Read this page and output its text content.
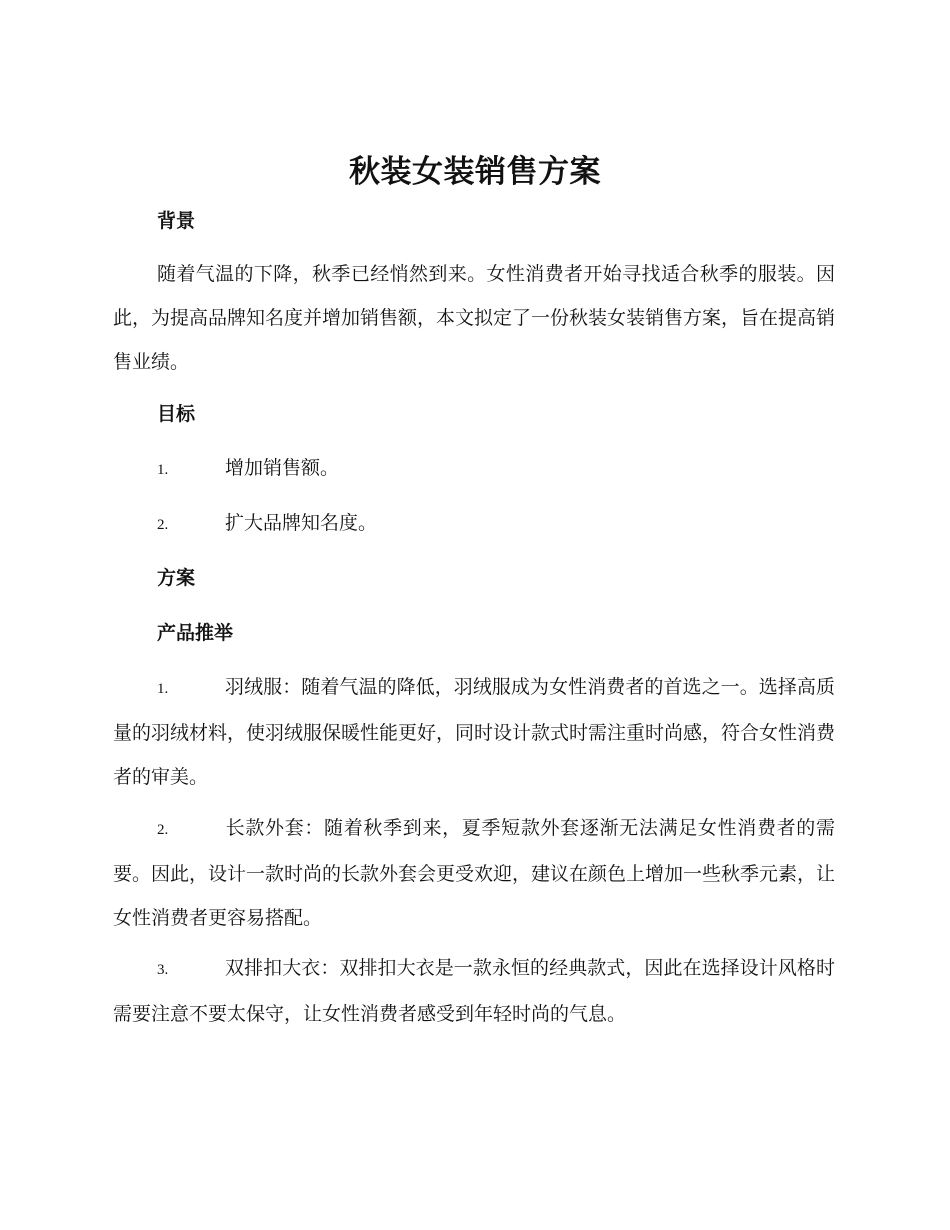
秋装女装销售方案
背景

随着气温的下降，秋季已经悄然到来。女性消费者开始寻找适合秋季的服装。因此，为提高品牌知名度并增加销售额，本文拟定了一份秋装女装销售方案，旨在提高销售业绩。

目标

1.	增加销售额。

2.	扩大品牌知名度。

方案
产品推举

1.	羽绒服：随着气温的降低，羽绒服成为女性消费者的首选之一。选择高质量的羽绒材料，使羽绒服保暖性能更好，同时设计款式时需注重时尚感，符合女性消费者的审美。

2.	长款外套：随着秋季到来，夏季短款外套逐渐无法满足女性消费者的需要。因此，设计一款时尚的长款外套会更受欢迎，建议在颜色上增加一些秋季元素，让女性消费者更容易搭配。

3.	双排扣大衣：双排扣大衣是一款永恒的经典款式，因此在选择设计风格时需要注意不要太保守，让女性消费者感受到年轻时尚的气息。
